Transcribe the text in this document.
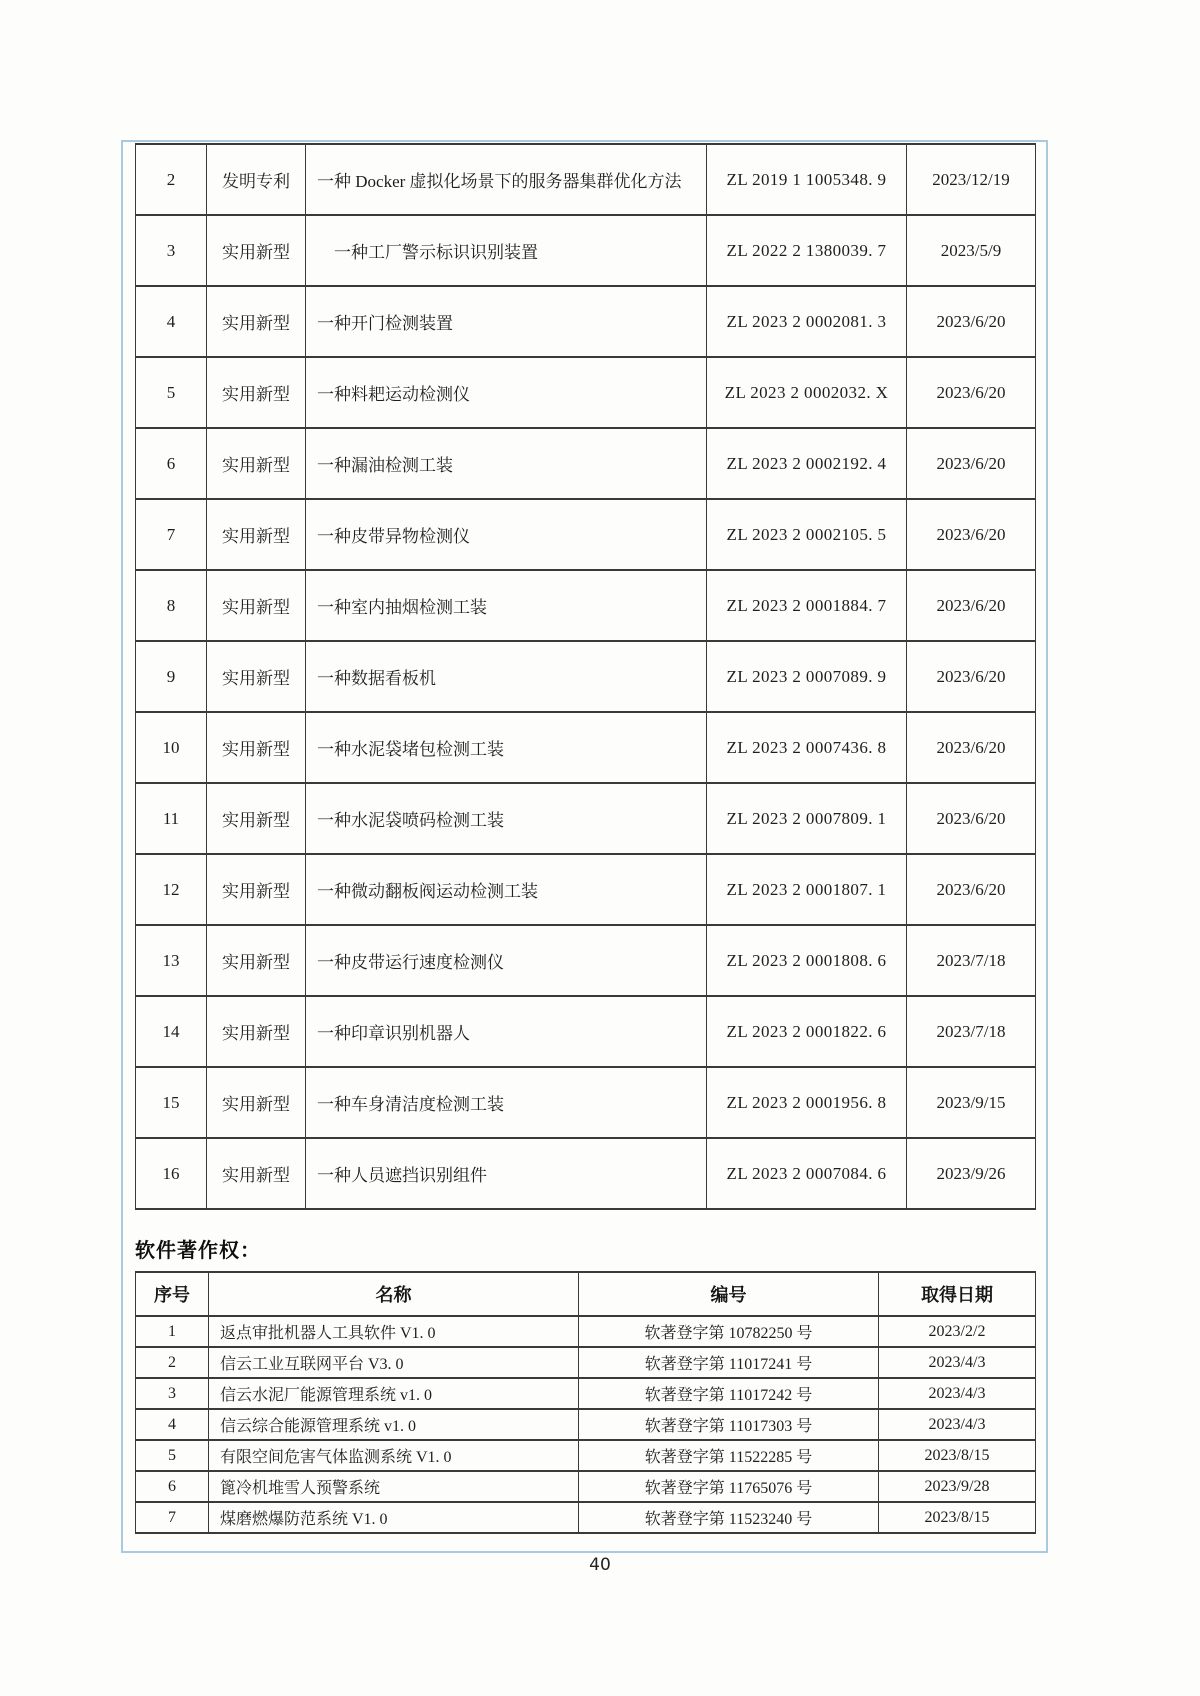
2	发明专利	一种 Docker 虚拟化场景下的服务器集群优化方法	ZL 2019 1 1005348. 9	2023/12/19
3	实用新型	　一种工厂警示标识识别装置	ZL 2022 2 1380039. 7	2023/5/9
4	实用新型	一种开门检测装置	ZL 2023 2 0002081. 3	2023/6/20
5	实用新型	一种料耙运动检测仪	ZL 2023 2 0002032. X	2023/6/20
6	实用新型	一种漏油检测工装	ZL 2023 2 0002192. 4	2023/6/20
7	实用新型	一种皮带异物检测仪	ZL 2023 2 0002105. 5	2023/6/20
8	实用新型	一种室内抽烟检测工装	ZL 2023 2 0001884. 7	2023/6/20
9	实用新型	一种数据看板机	ZL 2023 2 0007089. 9	2023/6/20
10	实用新型	一种水泥袋堵包检测工装	ZL 2023 2 0007436. 8	2023/6/20
11	实用新型	一种水泥袋喷码检测工装	ZL 2023 2 0007809. 1	2023/6/20
12	实用新型	一种微动翻板阀运动检测工装	ZL 2023 2 0001807. 1	2023/6/20
13	实用新型	一种皮带运行速度检测仪	ZL 2023 2 0001808. 6	2023/7/18
14	实用新型	一种印章识别机器人	ZL 2023 2 0001822. 6	2023/7/18
15	实用新型	一种车身清洁度检测工装	ZL 2023 2 0001956. 8	2023/9/15
16	实用新型	一种人员遮挡识别组件	ZL 2023 2 0007084. 6	2023/9/26
软件著作权：
序号	名称	编号	取得日期
1	返点审批机器人工具软件 V1. 0	软著登字第 10782250 号	2023/2/2
2	信云工业互联网平台 V3. 0	软著登字第 11017241 号	2023/4/3
3	信云水泥厂能源管理系统 v1. 0	软著登字第 11017242 号	2023/4/3
4	信云综合能源管理系统 v1. 0	软著登字第 11017303 号	2023/4/3
5	有限空间危害气体监测系统 V1. 0	软著登字第 11522285 号	2023/8/15
6	篦冷机堆雪人预警系统	软著登字第 11765076 号	2023/9/28
7	煤磨燃爆防范系统 V1. 0	软著登字第 11523240 号	2023/8/15
40
